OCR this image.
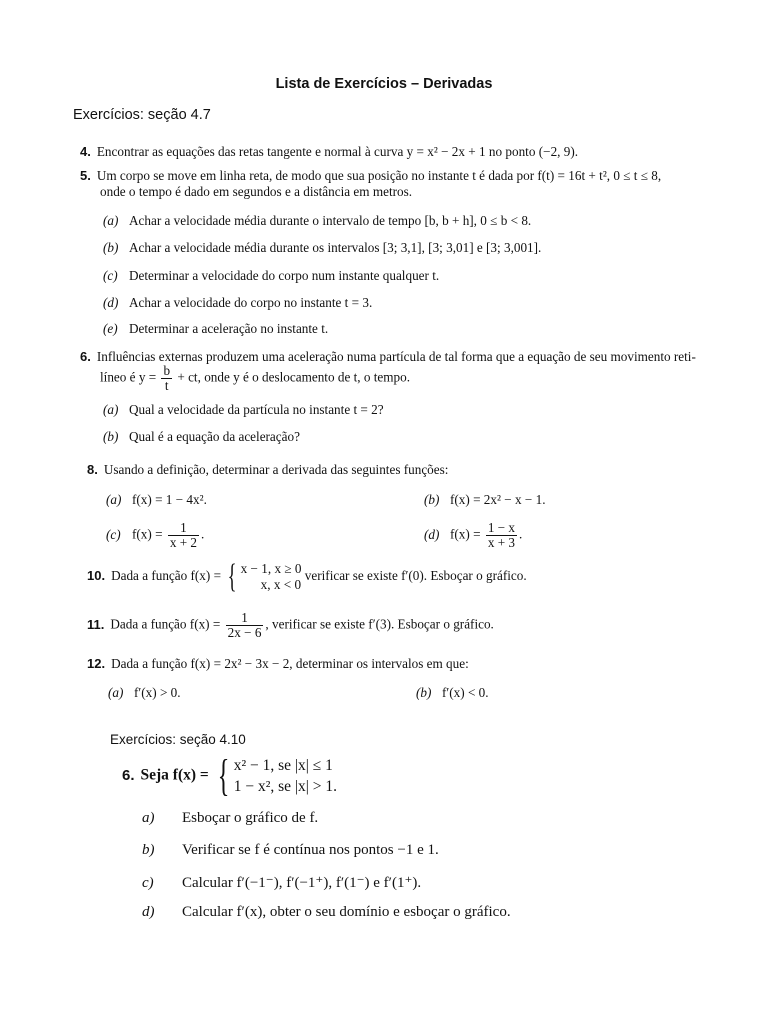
Lista de Exercícios – Derivadas
Exercícios: seção 4.7
4. Encontrar as equações das retas tangente e normal à curva y = x² − 2x + 1 no ponto (−2, 9).
5. Um corpo se move em linha reta, de modo que sua posição no instante t é dada por f(t) = 16t + t², 0 ≤ t ≤ 8,
onde o tempo é dado em segundos e a distância em metros.
(a) Achar a velocidade média durante o intervalo de tempo [b, b + h], 0 ≤ b < 8.
(b) Achar a velocidade média durante os intervalos [3; 3,1], [3; 3,01] e [3; 3,001].
(c) Determinar a velocidade do corpo num instante qualquer t.
(d) Achar a velocidade do corpo no instante t = 3.
(e) Determinar a aceleração no instante t.
6. Influências externas produzem uma aceleração numa partícula de tal forma que a equação de seu movimento reti-
líneo é $y = \frac{b}{t}$ + ct, onde y é o deslocamento de t, o tempo.
(a) Qual a velocidade da partícula no instante t = 2?
(b) Qual é a equação da aceleração?
8. Usando a definição, determinar a derivada das seguintes funções:
(a) f(x) = 1 − 4x².	(b) f(x) = 2x² − x − 1.
(c) $f(x) = \frac{1}{x + 2}$ .	(d) $f(x) = \frac{1 - x}{x + 3}$ .
10. Dada a função f(x) = { x − 1, x ≥ 0
x, x < 0
verificar se existe f′(0). Esboçar o gráfico.
11. Dada a função $f(x) = \frac{1}{2x - 6}$ , verificar se existe f′(3). Esboçar o gráfico.
12. Dada a função f(x) = 2x² − 3x − 2, determinar os intervalos em que:
(a) f′(x) > 0.	(b) f′(x) < 0.
Exercícios: seção 4.10
6. Seja f(x) = { x² − 1, se |x| ≤ 1
1 − x², se |x| > 1.
a) Esboçar o gráfico de f.
b) Verificar se f é contínua nos pontos −1 e 1.
c) Calcular f′(−1⁻), f′(−1⁺), f′(1⁻) e f′(1⁺).
d) Calcular f′(x), obter o seu domínio e esboçar o gráfico.
